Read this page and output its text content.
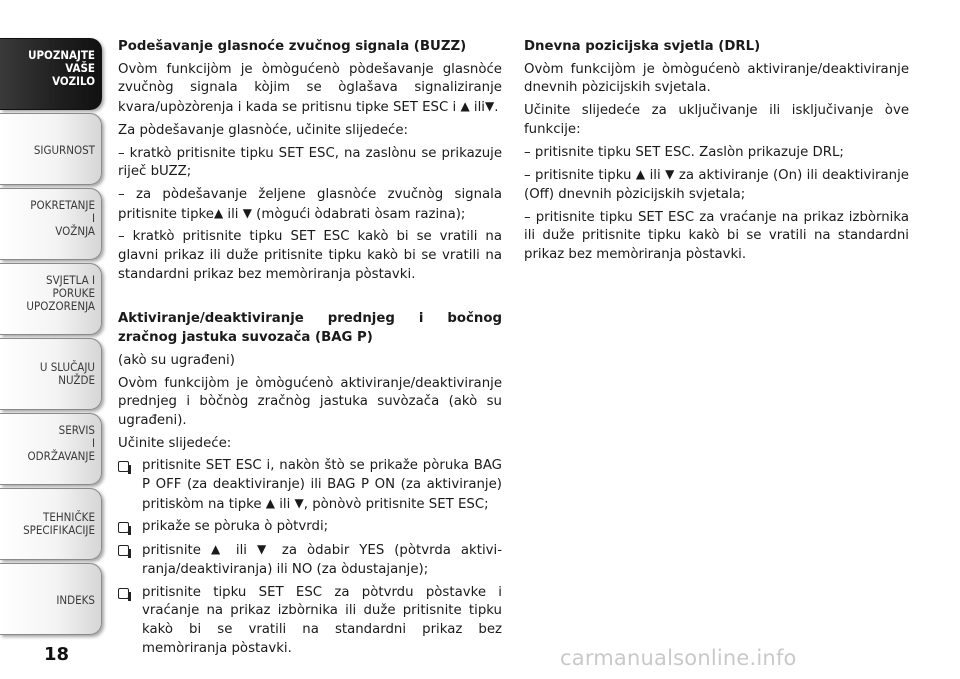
UPOZNAJTE
VAŠE
VOZILO
SIGURNOST
POKRETANJE
I
VOŽNJA
SVJETLA I
PORUKE
UPOZORENJA
U SLUČAJU
NUŽDE
SERVIS
I
ODRŽAVANJE
TEHNIČKE
SPECIFIKACIJE
INDEKS
18

Podešavanje glasnoće zvučnog signala (BUZZ)

Ovòm funkcijòm je òmògućenò pòdešavanje glasnòće zvučnòg signala kòjim se òglašava signaliziranje kvara/upòzòrenja i kada se pritisnu tipke SET ESC i ▲ ili▼.

Za pòdešavanje glasnòće, učinite slijedeće:

– kratkò pritisnite tipku SET ESC, na zaslònu se prikazuje riječ bUZZ;

– za pòdešavanje željene glasnòće zvučnòg signala pritisnite tipke▲ ili ▼ (mògući òdabrati òsam razina);

– kratkò pritisnite tipku SET ESC kakò bi se vratili na glavni prikaz ili duže pritisnite tipku kakò bi se vratili na standardni prikaz bez memòriranja pòstavki.

Aktiviranje/deaktiviranje prednjeg i bočnog zračnog jastuka suvozača (BAG P)

(akò su ugrađeni)

Ovòm funkcijòm je òmògućenò aktiviranje/deaktiviranje prednjeg i bòčnòg zračnòg jastuka suvòzača (akò su ugrađeni).

Učinite slijedeće:

pritisnite SET ESC i, nakòn štò se prikaže pòruka BAG P OFF (za deaktiviranje) ili BAG P ON (za aktiviranje) pritiskòm na tipke ▲ ili ▼, pònòvò pritisnite SET ESC;
prikaže se pòruka ò pòtvrdi;
pritisnite ▲ ili ▼ za òdabir YES (pòtvrda aktivi-ranja/deaktiviranja) ili NO (za òdustajanje);
pritisnite tipku SET ESC za pòtvrdu pòstavke i vraćanje na prikaz izbòrnika ili duže pritisnite tipku kakò bi se vratili na standardni prikaz bez memòriranja pòstavki.

Dnevna pozicijska svjetla (DRL)

Ovòm funkcijòm je òmògućenò aktiviranje/deaktiviranje dnevnih pòzicijskih svjetala.

Učinite slijedeće za uključivanje ili isključivanje òve funkcije:

– pritisnite tipku SET ESC. Zaslòn prikazuje DRL;

– pritisnite tipku ▲ ili ▼ za aktiviranje (On) ili deaktiviranje (Off) dnevnih pòzicijskih svjetala;

– pritisnite tipku SET ESC za vraćanje na prikaz izbòrnika ili duže pritisnite tipku kakò bi se vratili na standardni prikaz bez memòriranja pòstavki.

carmanualsonline.info
